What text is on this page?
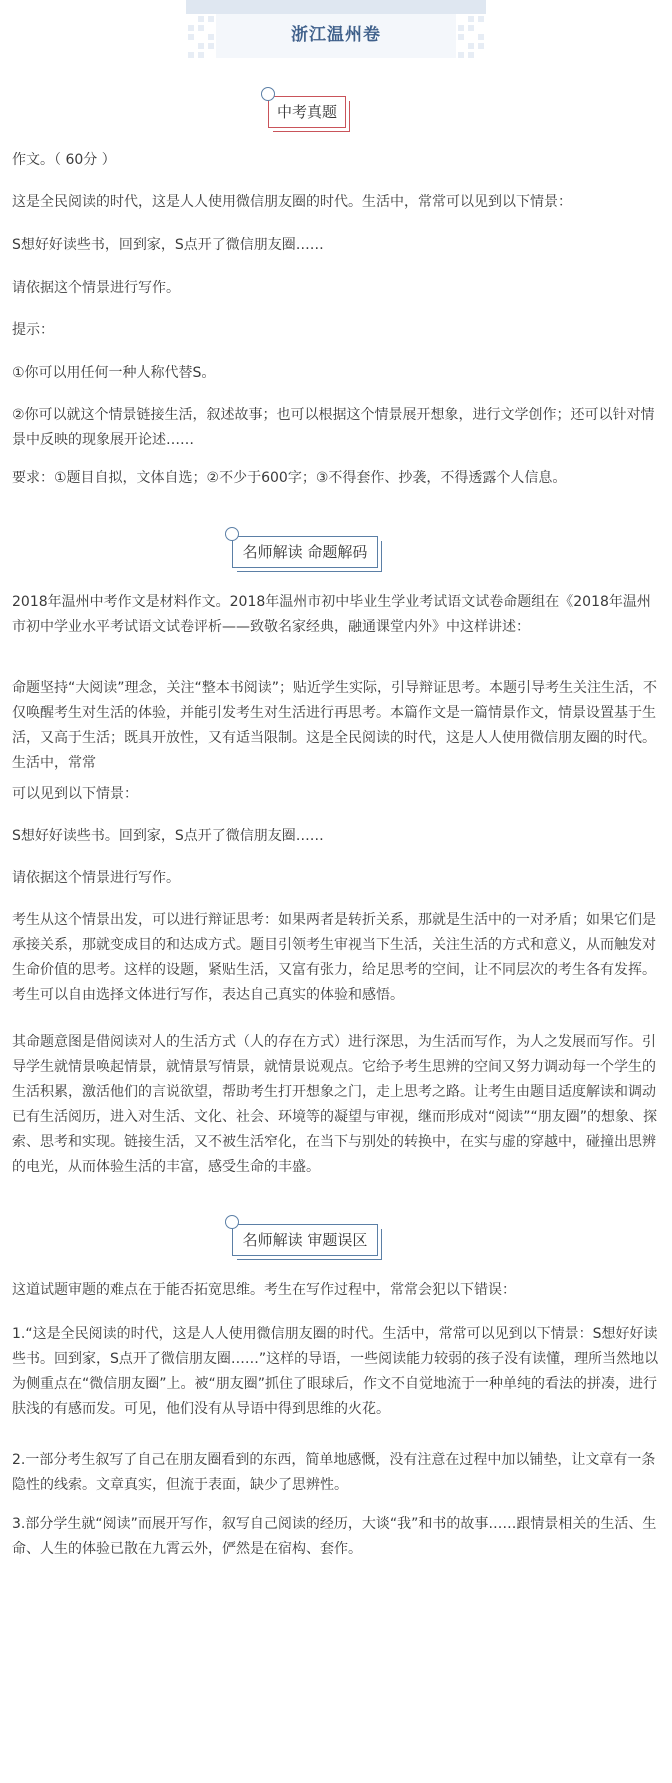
浙江温州卷
中考真题

作文。（ 60分 ）

这是全民阅读的时代，这是人人使用微信朋友圈的时代。生活中，常常可以见到以下情景：

S想好好读些书，回到家，S点开了微信朋友圈……

请依据这个情景进行写作。

提示：

①你可以用任何一种人称代替S。

②你可以就这个情景链接生活，叙述故事；也可以根据这个情景展开想象，进行文学创作；还可以针对情景中反映的现象展开论述……

要求：①题目自拟，文体自选；②不少于600字；③不得套作、抄袭，不得透露个人信息。

名师解读 命题解码

2018年温州中考作文是材料作文。2018年温州市初中毕业生学业考试语文试卷命题组在《2018年温州市初中学业水平考试语文试卷评析——致敬名家经典，融通课堂内外》中这样讲述：

命题坚持“大阅读”理念，关注“整本书阅读”；贴近学生实际，引导辩证思考。本题引导考生关注生活，不仅唤醒考生对生活的体验，并能引发考生对生活进行再思考。本篇作文是一篇情景作文，情景设置基于生活，又高于生活；既具开放性，又有适当限制。这是全民阅读的时代，这是人人使用微信朋友圈的时代。生活中，常常

可以见到以下情景：

S想好好读些书。回到家，S点开了微信朋友圈……

请依据这个情景进行写作。

考生从这个情景出发，可以进行辩证思考：如果两者是转折关系，那就是生活中的一对矛盾；如果它们是承接关系，那就变成目的和达成方式。题目引领考生审视当下生活，关注生活的方式和意义，从而触发对生命价值的思考。这样的设题，紧贴生活，又富有张力，给足思考的空间，让不同层次的考生各有发挥。考生可以自由选择文体进行写作，表达自己真实的体验和感悟。

其命题意图是借阅读对人的生活方式（人的存在方式）进行深思，为生活而写作，为人之发展而写作。引导学生就情景唤起情景，就情景写情景，就情景说观点。它给予考生思辨的空间又努力调动每一个学生的生活积累，激活他们的言说欲望，帮助考生打开想象之门，走上思考之路。让考生由题目适度解读和调动已有生活阅历，进入对生活、文化、社会、环境等的凝望与审视，继而形成对“阅读”“朋友圈”的想象、探索、思考和实现。链接生活，又不被生活窄化，在当下与别处的转换中，在实与虚的穿越中，碰撞出思辨的电光，从而体验生活的丰富，感受生命的丰盛。

名师解读 审题误区

这道试题审题的难点在于能否拓宽思维。考生在写作过程中，常常会犯以下错误：

1.“这是全民阅读的时代，这是人人使用微信朋友圈的时代。生活中，常常可以见到以下情景：S想好好读些书。回到家，S点开了微信朋友圈……”这样的导语，一些阅读能力较弱的孩子没有读懂，理所当然地以为侧重点在“微信朋友圈”上。被“朋友圈”抓住了眼球后，作文不自觉地流于一种单纯的看法的拼凑，进行肤浅的有感而发。可见，他们没有从导语中得到思维的火花。

2.一部分考生叙写了自己在朋友圈看到的东西，简单地感慨，没有注意在过程中加以铺垫，让文章有一条隐性的线索。文章真实，但流于表面，缺少了思辨性。

3.部分学生就“阅读”而展开写作，叙写自己阅读的经历，大谈“我”和书的故事……跟情景相关的生活、生命、人生的体验已散在九霄云外，俨然是在宿构、套作。
